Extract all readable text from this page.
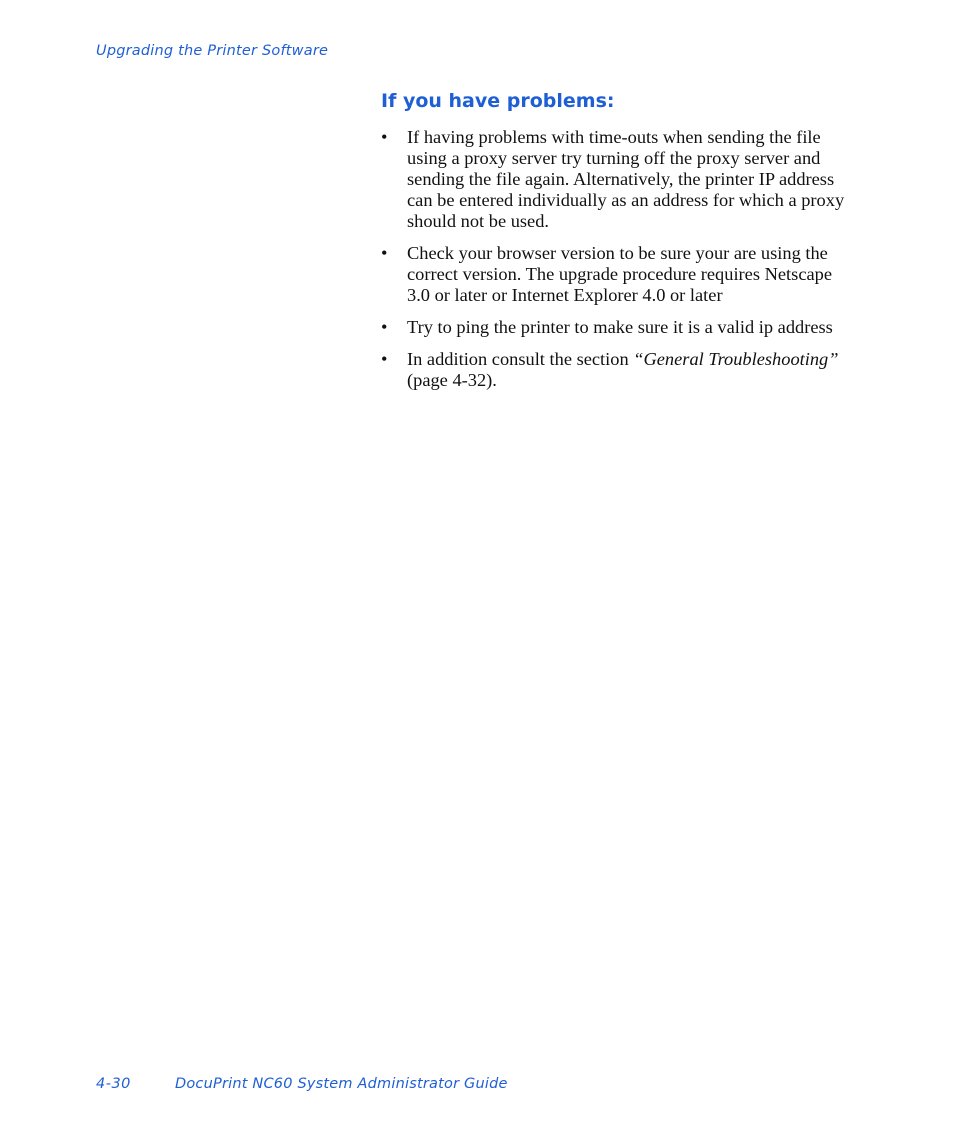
Upgrading the Printer Software
If you have problems:
• If having problems with time-outs when sending the file using a proxy server try turning off the proxy server and sending the file again. Alternatively, the printer IP address can be entered individually as an address for which a proxy should not be used.
• Check your browser version to be sure your are using the correct version. The upgrade procedure requires Netscape 3.0 or later or Internet Explorer 4.0 or later
• Try to ping the printer to make sure it is a valid ip address
• In addition consult the section “General Troubleshooting” (page 4-32).
4-30	DocuPrint NC60 System Administrator Guide
